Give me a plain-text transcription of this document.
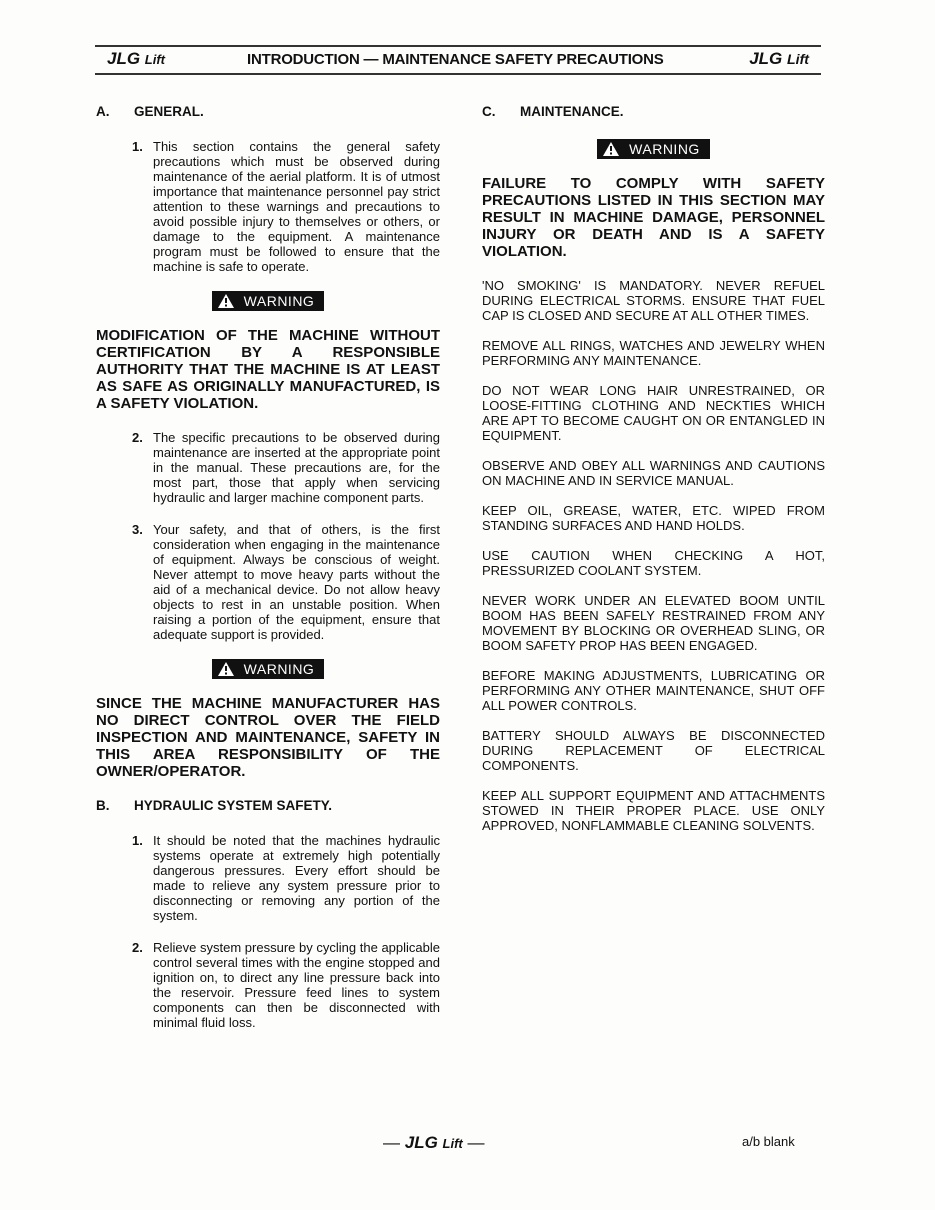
JLG Lift	INTRODUCTION — MAINTENANCE SAFETY PRECAUTIONS	JLG Lift
A.	GENERAL.
1. This section contains the general safety precautions which must be observed during maintenance of the aerial platform. It is of utmost importance that maintenance personnel pay strict attention to these warnings and precautions to avoid possible injury to themselves or others, or damage to the equipment. A maintenance program must be followed to ensure that the machine is safe to operate.
WARNING
MODIFICATION OF THE MACHINE WITHOUT CERTIFICATION BY A RESPONSIBLE AUTHORITY THAT THE MACHINE IS AT LEAST AS SAFE AS ORIGINALLY MANUFACTURED, IS A SAFETY VIOLATION.
2. The specific precautions to be observed during maintenance are inserted at the appropriate point in the manual. These precautions are, for the most part, those that apply when servicing hydraulic and larger machine component parts.
3. Your safety, and that of others, is the first consideration when engaging in the maintenance of equipment. Always be conscious of weight. Never attempt to move heavy parts without the aid of a mechanical device. Do not allow heavy objects to rest in an unstable position. When raising a portion of the equipment, ensure that adequate support is provided.
WARNING
SINCE THE MACHINE MANUFACTURER HAS NO DIRECT CONTROL OVER THE FIELD INSPECTION AND MAINTENANCE, SAFETY IN THIS AREA RESPONSIBILITY OF THE OWNER/OPERATOR.
B.	HYDRAULIC SYSTEM SAFETY.
1. It should be noted that the machines hydraulic systems operate at extremely high potentially dangerous pressures. Every effort should be made to relieve any system pressure prior to disconnecting or removing any portion of the system.
2. Relieve system pressure by cycling the applicable control several times with the engine stopped and ignition on, to direct any line pressure back into the reservoir. Pressure feed lines to system components can then be disconnected with minimal fluid loss.
C.	MAINTENANCE.
WARNING
FAILURE TO COMPLY WITH SAFETY PRECAUTIONS LISTED IN THIS SECTION MAY RESULT IN MACHINE DAMAGE, PERSONNEL INJURY OR DEATH AND IS A SAFETY VIOLATION.
'NO SMOKING' IS MANDATORY. NEVER REFUEL DURING ELECTRICAL STORMS. ENSURE THAT FUEL CAP IS CLOSED AND SECURE AT ALL OTHER TIMES.
REMOVE ALL RINGS, WATCHES AND JEWELRY WHEN PERFORMING ANY MAINTENANCE.
DO NOT WEAR LONG HAIR UNRESTRAINED, OR LOOSE-FITTING CLOTHING AND NECKTIES WHICH ARE APT TO BECOME CAUGHT ON OR ENTANGLED IN EQUIPMENT.
OBSERVE AND OBEY ALL WARNINGS AND CAUTIONS ON MACHINE AND IN SERVICE MANUAL.
KEEP OIL, GREASE, WATER, ETC. WIPED FROM STANDING SURFACES AND HAND HOLDS.
USE CAUTION WHEN CHECKING A HOT, PRESSURIZED COOLANT SYSTEM.
NEVER WORK UNDER AN ELEVATED BOOM UNTIL BOOM HAS BEEN SAFELY RESTRAINED FROM ANY MOVEMENT BY BLOCKING OR OVERHEAD SLING, OR BOOM SAFETY PROP HAS BEEN ENGAGED.
BEFORE MAKING ADJUSTMENTS, LUBRICATING OR PERFORMING ANY OTHER MAINTENANCE, SHUT OFF ALL POWER CONTROLS.
BATTERY SHOULD ALWAYS BE DISCONNECTED DURING REPLACEMENT OF ELECTRICAL COMPONENTS.
KEEP ALL SUPPORT EQUIPMENT AND ATTACHMENTS STOWED IN THEIR PROPER PLACE. USE ONLY APPROVED, NONFLAMMABLE CLEANING SOLVENTS.
— JLG Lift —	a/b blank
